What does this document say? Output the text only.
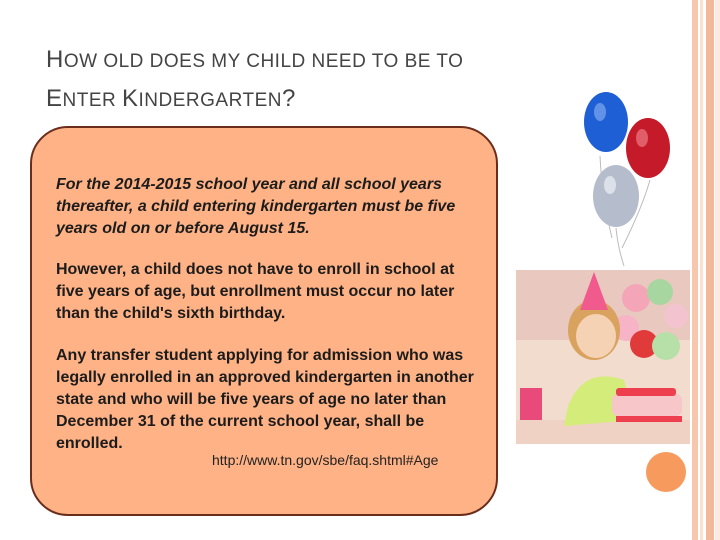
HOW OLD DOES MY CHILD NEED TO BE TO
ENTER KINDERGARTEN?
For the 2014-2015 school year and all school years thereafter, a child entering kindergarten must be five years old on or before August 15.
However, a child does not have to enroll in school at five years of age, but enrollment must occur no later than the child's sixth birthday.
Any transfer student applying for admission who was legally enrolled in an approved kindergarten in another state and who will be five years of age no later than December 31 of the current school year, shall be enrolled.
http://www.tn.gov/sbe/faq.shtml#Age
